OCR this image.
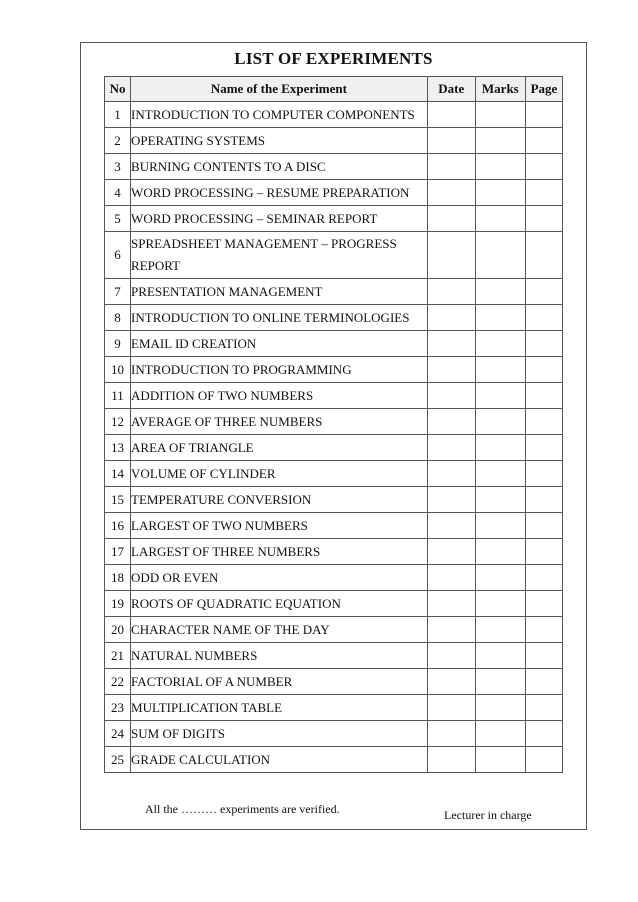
LIST OF EXPERIMENTS
No	Name of the Experiment	Date	Marks	Page
1	INTRODUCTION TO COMPUTER COMPONENTS			
2	OPERATING SYSTEMS			
3	BURNING CONTENTS TO A DISC			
4	WORD PROCESSING – RESUME PREPARATION			
5	WORD PROCESSING – SEMINAR REPORT			
6	SPREADSHEET MANAGEMENT – PROGRESS REPORT			
7	PRESENTATION MANAGEMENT			
8	INTRODUCTION TO ONLINE TERMINOLOGIES			
9	EMAIL ID CREATION			
10	INTRODUCTION TO PROGRAMMING			
11	ADDITION OF TWO NUMBERS			
12	AVERAGE OF THREE NUMBERS			
13	AREA OF TRIANGLE			
14	VOLUME OF CYLINDER			
15	TEMPERATURE CONVERSION			
16	LARGEST OF TWO NUMBERS			
17	LARGEST OF THREE NUMBERS			
18	ODD OR EVEN			
19	ROOTS OF QUADRATIC EQUATION			
20	CHARACTER NAME OF THE DAY			
21	NATURAL NUMBERS			
22	FACTORIAL OF A NUMBER			
23	MULTIPLICATION TABLE			
24	SUM OF DIGITS			
25	GRADE CALCULATION			
All the ……… experiments are verified.	Lecturer in charge
